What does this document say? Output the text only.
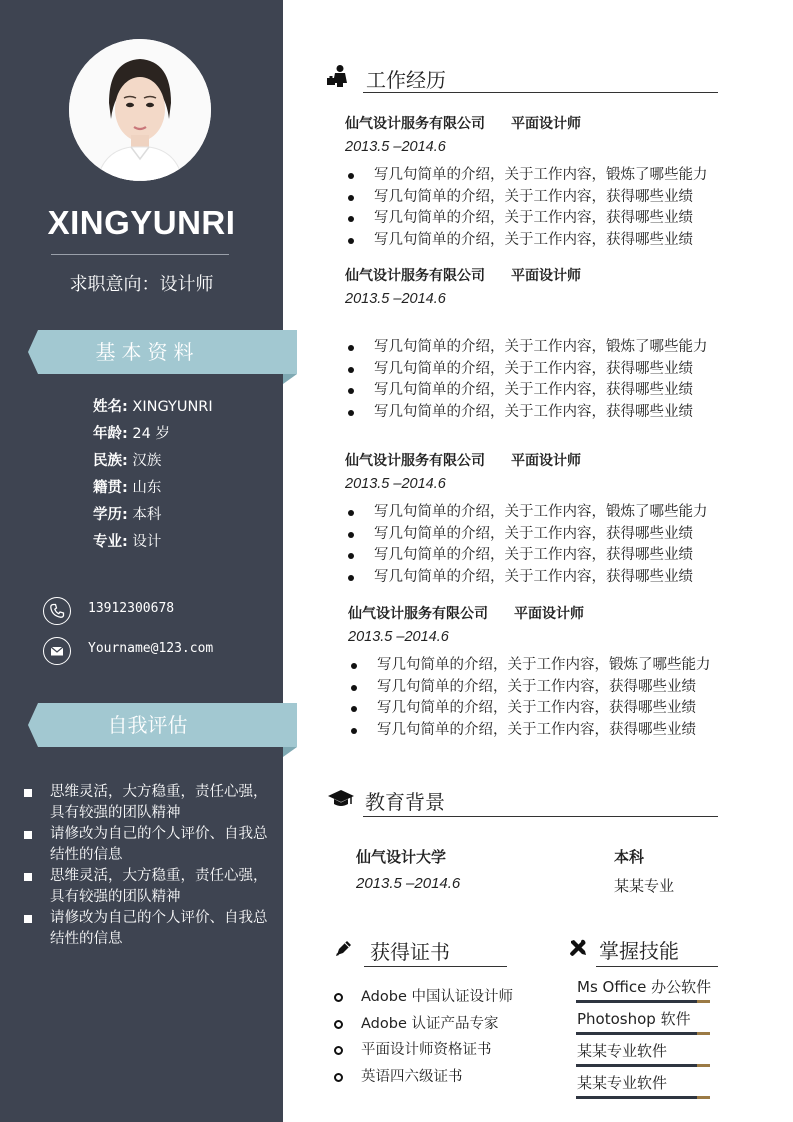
XINGYUNRI
求职意向：设计师
基本资料
姓名: XINGYUNRI
年龄: 24 岁
民族: 汉族
籍贯: 山东
学历: 本科
专业: 设计
13912300678
Yourname@123.com
自我评估
思维灵活，大方稳重，责任心强，具有较强的团队精神
请修改为自己的个人评价、自我总结性的信息
思维灵活，大方稳重，责任心强，具有较强的团队精神
请修改为自己的个人评价、自我总结性的信息
工作经历
仙气设计服务有限公司 平面设计师
2013.5 –2014.6
写几句简单的介绍，关于工作内容，锻炼了哪些能力
写几句简单的介绍，关于工作内容，获得哪些业绩
写几句简单的介绍，关于工作内容，获得哪些业绩
写几句简单的介绍，关于工作内容，获得哪些业绩
仙气设计服务有限公司 平面设计师
2013.5 –2014.6
写几句简单的介绍，关于工作内容，锻炼了哪些能力
写几句简单的介绍，关于工作内容，获得哪些业绩
写几句简单的介绍，关于工作内容，获得哪些业绩
写几句简单的介绍，关于工作内容，获得哪些业绩
仙气设计服务有限公司 平面设计师
2013.5 –2014.6
写几句简单的介绍，关于工作内容，锻炼了哪些能力
写几句简单的介绍，关于工作内容，获得哪些业绩
写几句简单的介绍，关于工作内容，获得哪些业绩
写几句简单的介绍，关于工作内容，获得哪些业绩
仙气设计服务有限公司 平面设计师
2013.5 –2014.6
写几句简单的介绍，关于工作内容，锻炼了哪些能力
写几句简单的介绍，关于工作内容，获得哪些业绩
写几句简单的介绍，关于工作内容，获得哪些业绩
写几句简单的介绍，关于工作内容，获得哪些业绩
教育背景
仙气设计大学	本科
2013.5 –2014.6	某某专业
获得证书
Adobe 中国认证设计师
Adobe 认证产品专家
平面设计师资格证书
英语四六级证书
掌握技能
Ms Office 办公软件
Photoshop 软件
某某专业软件
某某专业软件
